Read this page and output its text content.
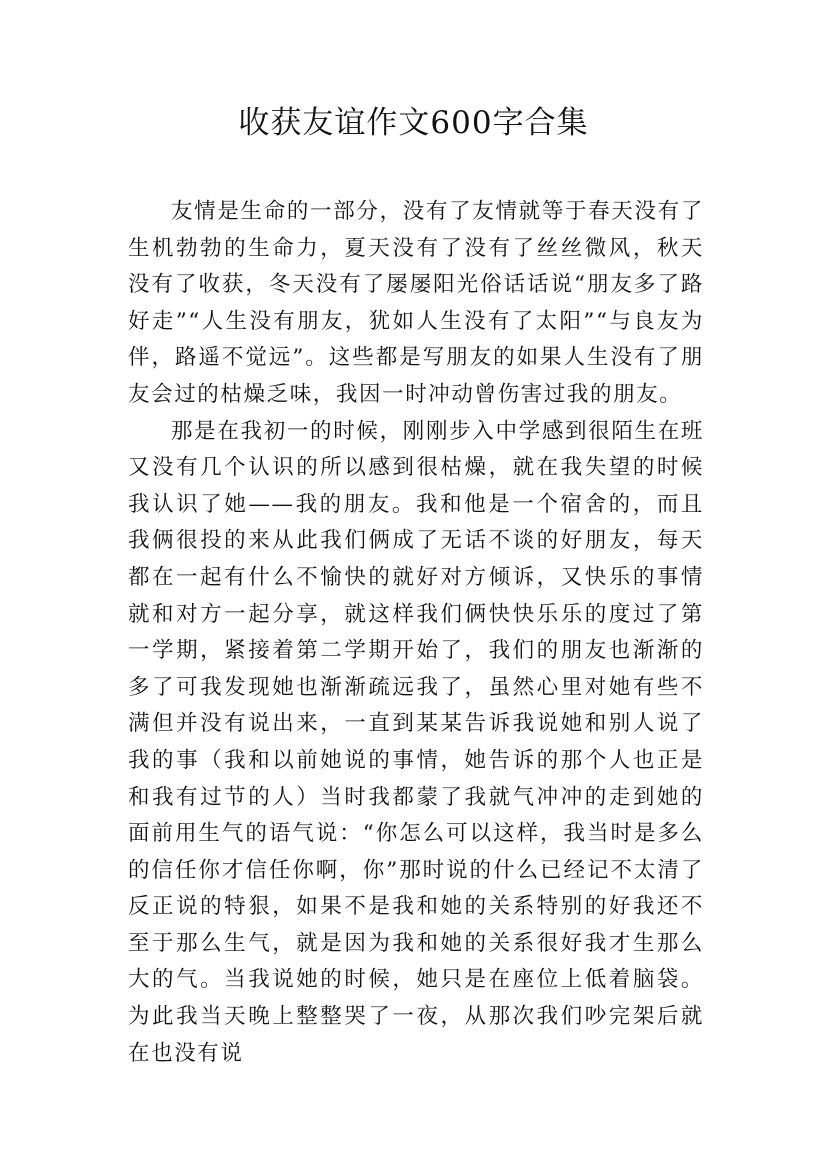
收获友谊作文600字合集

友情是生命的一部分，没有了友情就等于春天没有了生机勃勃的生命力，夏天没有了没有了丝丝微风，秋天没有了收获，冬天没有了屡屡阳光俗话话说“朋友多了路好走”“人生没有朋友，犹如人生没有了太阳”“与良友为伴，路遥不觉远”。这些都是写朋友的如果人生没有了朋友会过的枯燥乏味，我因一时冲动曾伤害过我的朋友。

那是在我初一的时候，刚刚步入中学感到很陌生在班又没有几个认识的所以感到很枯燥，就在我失望的时候我认识了她——我的朋友。我和他是一个宿舍的，而且我俩很投的来从此我们俩成了无话不谈的好朋友，每天都在一起有什么不愉快的就好对方倾诉，又快乐的事情就和对方一起分享，就这样我们俩快快乐乐的度过了第一学期，紧接着第二学期开始了，我们的朋友也渐渐的多了可我发现她也渐渐疏远我了，虽然心里对她有些不满但并没有说出来，一直到某某告诉我说她和别人说了我的事（我和以前她说的事情，她告诉的那个人也正是和我有过节的人）当时我都蒙了我就气冲冲的走到她的面前用生气的语气说：“你怎么可以这样，我当时是多么的信任你才信任你啊，你”那时说的什么已经记不太清了反正说的特狠，如果不是我和她的关系特别的好我还不至于那么生气，就是因为我和她的关系很好我才生那么大的气。当我说她的时候，她只是在座位上低着脑袋。为此我当天晚上整整哭了一夜，从那次我们吵完架后就在也没有说
